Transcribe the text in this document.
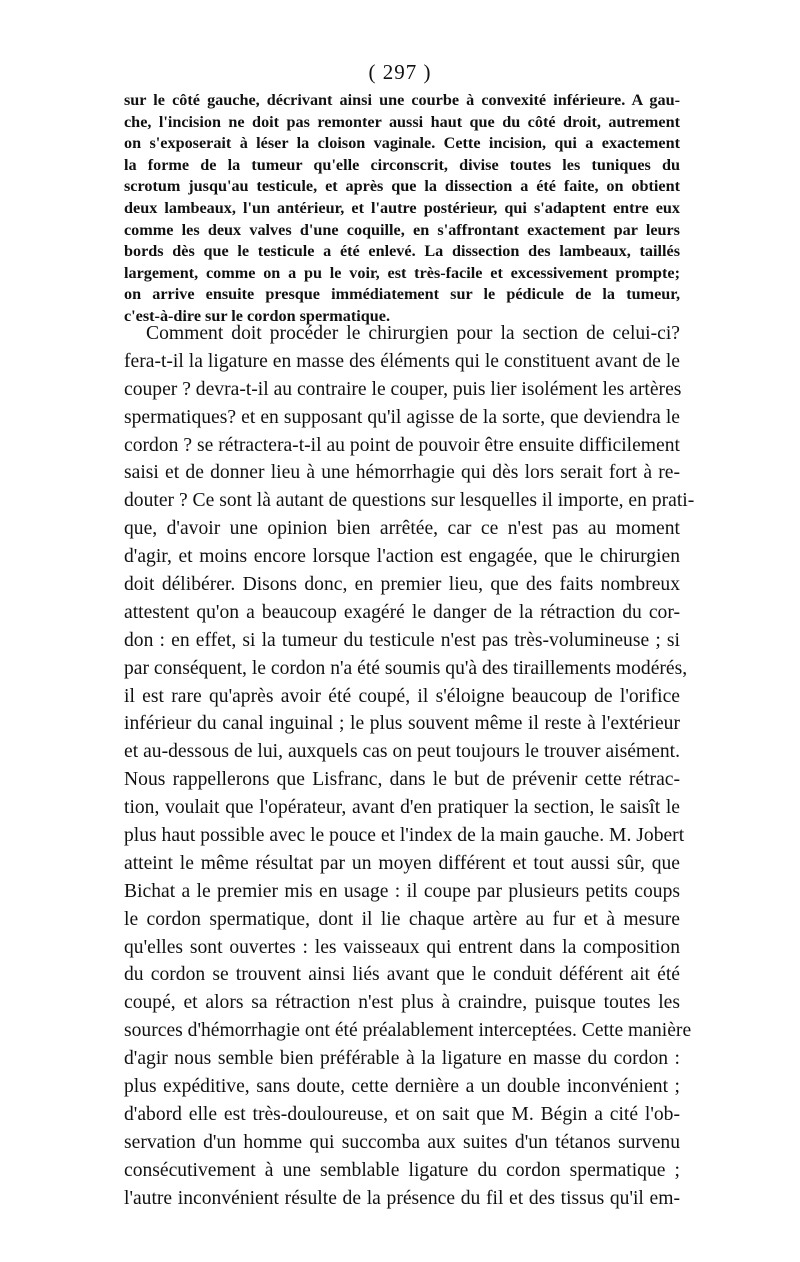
( 297 )
sur le côté gauche, décrivant ainsi une courbe à convexité inférieure. A gau-
che, l'incision ne doit pas remonter aussi haut que du côté droit, autrement
on s'exposerait à léser la cloison vaginale. Cette incision, qui a exactement
la forme de la tumeur qu'elle circonscrit, divise toutes les tuniques du
scrotum jusqu'au testicule, et après que la dissection a été faite, on obtient
deux lambeaux, l'un antérieur, et l'autre postérieur, qui s'adaptent entre eux
comme les deux valves d'une coquille, en s'affrontant exactement par leurs
bords dès que le testicule a été enlevé. La dissection des lambeaux, taillés
largement, comme on a pu le voir, est très-facile et excessivement prompte;
on arrive ensuite presque immédiatement sur le pédicule de la tumeur,
c'est-à-dire sur le cordon spermatique.
Comment doit procéder le chirurgien pour la section de celui-ci?
fera-t-il la ligature en masse des éléments qui le constituent avant de le
couper ? devra-t-il au contraire le couper, puis lier isolément les artères
spermatiques? et en supposant qu'il agisse de la sorte, que deviendra le
cordon ? se rétractera-t-il au point de pouvoir être ensuite difficilement
saisi et de donner lieu à une hémorrhagie qui dès lors serait fort à re-
douter ? Ce sont là autant de questions sur lesquelles il importe, en prati-
que, d'avoir une opinion bien arrêtée, car ce n'est pas au moment
d'agir, et moins encore lorsque l'action est engagée, que le chirurgien
doit délibérer. Disons donc, en premier lieu, que des faits nombreux
attestent qu'on a beaucoup exagéré le danger de la rétraction du cor-
don : en effet, si la tumeur du testicule n'est pas très-volumineuse ; si
par conséquent, le cordon n'a été soumis qu'à des tiraillements modérés,
il est rare qu'après avoir été coupé, il s'éloigne beaucoup de l'orifice
inférieur du canal inguinal ; le plus souvent même il reste à l'extérieur
et au-dessous de lui, auxquels cas on peut toujours le trouver aisément.
Nous rappellerons que Lisfranc, dans le but de prévenir cette rétrac-
tion, voulait que l'opérateur, avant d'en pratiquer la section, le saisît le
plus haut possible avec le pouce et l'index de la main gauche. M. Jobert
atteint le même résultat par un moyen différent et tout aussi sûr, que
Bichat a le premier mis en usage : il coupe par plusieurs petits coups
le cordon spermatique, dont il lie chaque artère au fur et à mesure
qu'elles sont ouvertes : les vaisseaux qui entrent dans la composition
du cordon se trouvent ainsi liés avant que le conduit déférent ait été
coupé, et alors sa rétraction n'est plus à craindre, puisque toutes les
sources d'hémorrhagie ont été préalablement interceptées. Cette manière
d'agir nous semble bien préférable à la ligature en masse du cordon :
plus expéditive, sans doute, cette dernière a un double inconvénient ;
d'abord elle est très-douloureuse, et on sait que M. Bégin a cité l'ob-
servation d'un homme qui succomba aux suites d'un tétanos survenu
consécutivement à une semblable ligature du cordon spermatique ;
l'autre inconvénient résulte de la présence du fil et des tissus qu'il em-
